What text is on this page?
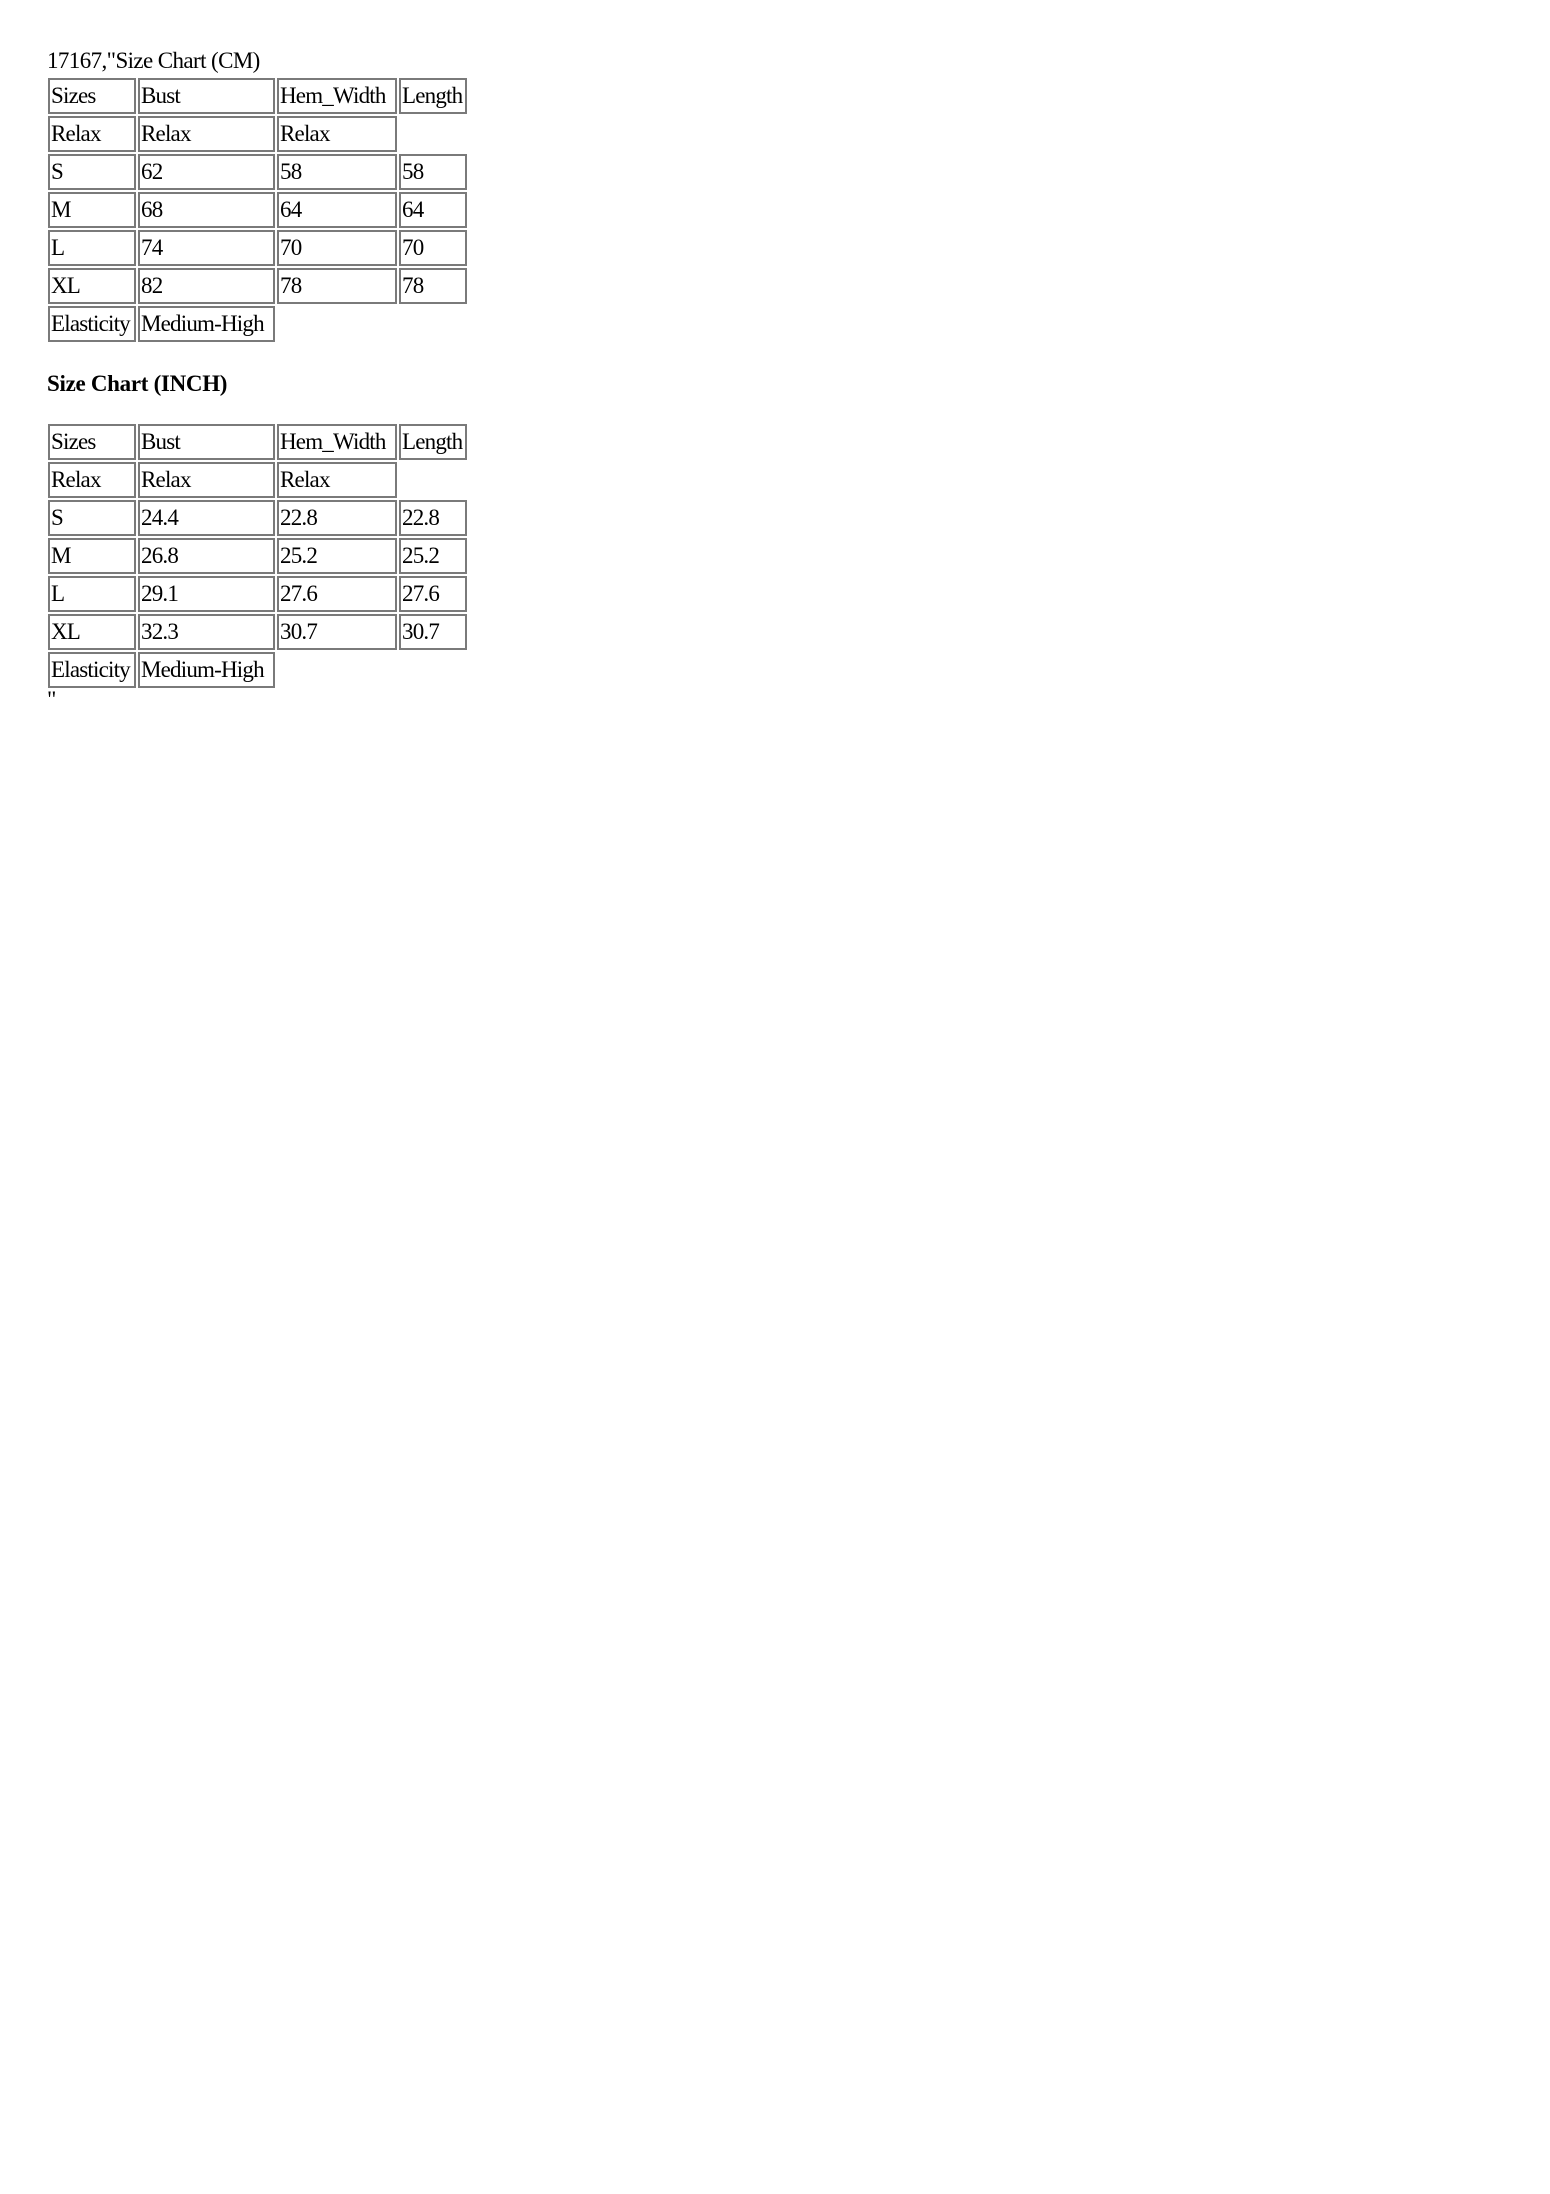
17167,"Size Chart (CM)
Sizes	Bust	Hem_Width	Length
Relax	Relax	Relax	
S	62	58	58
M	68	64	64
L	74	70	70
XL	82	78	78
Elasticity	Medium-High		
Size Chart (INCH)
Sizes	Bust	Hem_Width	Length
Relax	Relax	Relax	
S	24.4	22.8	22.8
M	26.8	25.2	25.2
L	29.1	27.6	27.6
XL	32.3	30.7	30.7
Elasticity	Medium-High		
"
